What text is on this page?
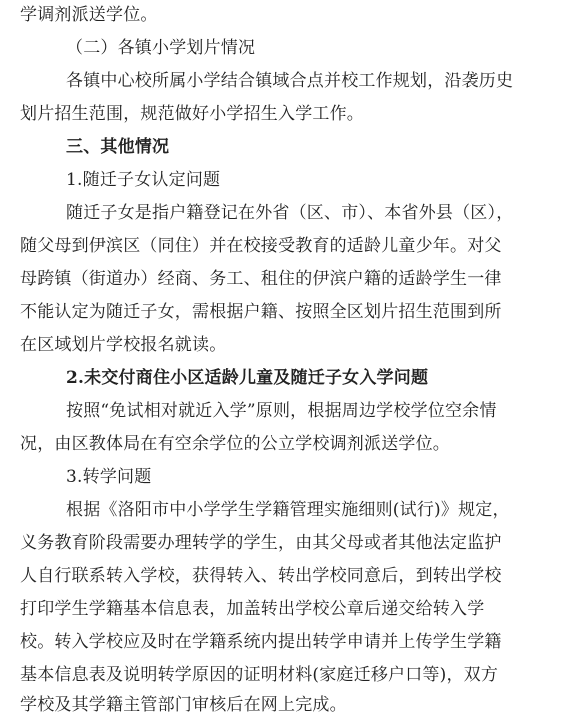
学调剂派送学位。
（二）各镇小学划片情况
各镇中心校所属小学结合镇域合点并校工作规划，沿袭历史
划片招生范围，规范做好小学招生入学工作。
三、其他情况
1.随迁子女认定问题
随迁子女是指户籍登记在外省（区、市）、本省外县（区），
随父母到伊滨区（同住）并在校接受教育的适龄儿童少年。对父
母跨镇（街道办）经商、务工、租住的伊滨户籍的适龄学生一律
不能认定为随迁子女，需根据户籍、按照全区划片招生范围到所
在区域划片学校报名就读。
2.未交付商住小区适龄儿童及随迁子女入学问题
按照“免试相对就近入学”原则，根据周边学校学位空余情
况，由区教体局在有空余学位的公立学校调剂派送学位。
3.转学问题
根据《洛阳市中小学学生学籍管理实施细则(试行)》规定，
义务教育阶段需要办理转学的学生，由其父母或者其他法定监护
人自行联系转入学校，获得转入、转出学校同意后，到转出学校
打印学生学籍基本信息表，加盖转出学校公章后递交给转入学
校。转入学校应及时在学籍系统内提出转学申请并上传学生学籍
基本信息表及说明转学原因的证明材料(家庭迁移户口等)，双方
学校及其学籍主管部门审核后在网上完成。
